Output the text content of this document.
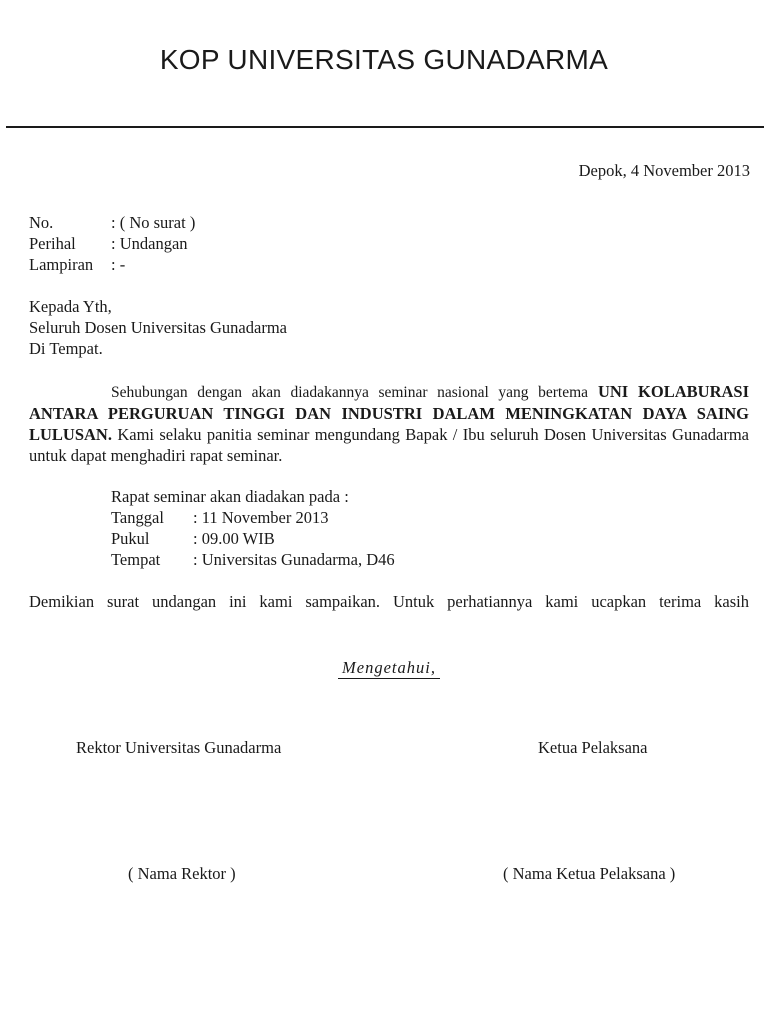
KOP UNIVERSITAS GUNADARMA
Depok, 4 November 2013
No.	: ( No surat )
Perihal : Undangan
Lampiran : -
Kepada Yth,
Seluruh Dosen Universitas Gunadarma
Di Tempat.
Sehubungan dengan akan diadakannya seminar nasional yang bertema UNI KOLABURASI ANTARA PERGURUAN TINGGI DAN INDUSTRI DALAM MENINGKATAN DAYA SAING LULUSAN. Kami selaku panitia seminar mengundang Bapak / Ibu seluruh Dosen Universitas Gunadarma untuk dapat menghadiri rapat seminar.
Rapat seminar akan diadakan pada :
Tanggal : 11 November 2013
Pukul	: 09.00 WIB
Tempat : Universitas Gunadarma, D46
Demikian surat undangan ini kami sampaikan. Untuk perhatiannya kami ucapkan terima kasih
Mengetahui,
Rektor Universitas Gunadarma	Ketua Pelaksana
( Nama Rektor )	( Nama Ketua Pelaksana )
